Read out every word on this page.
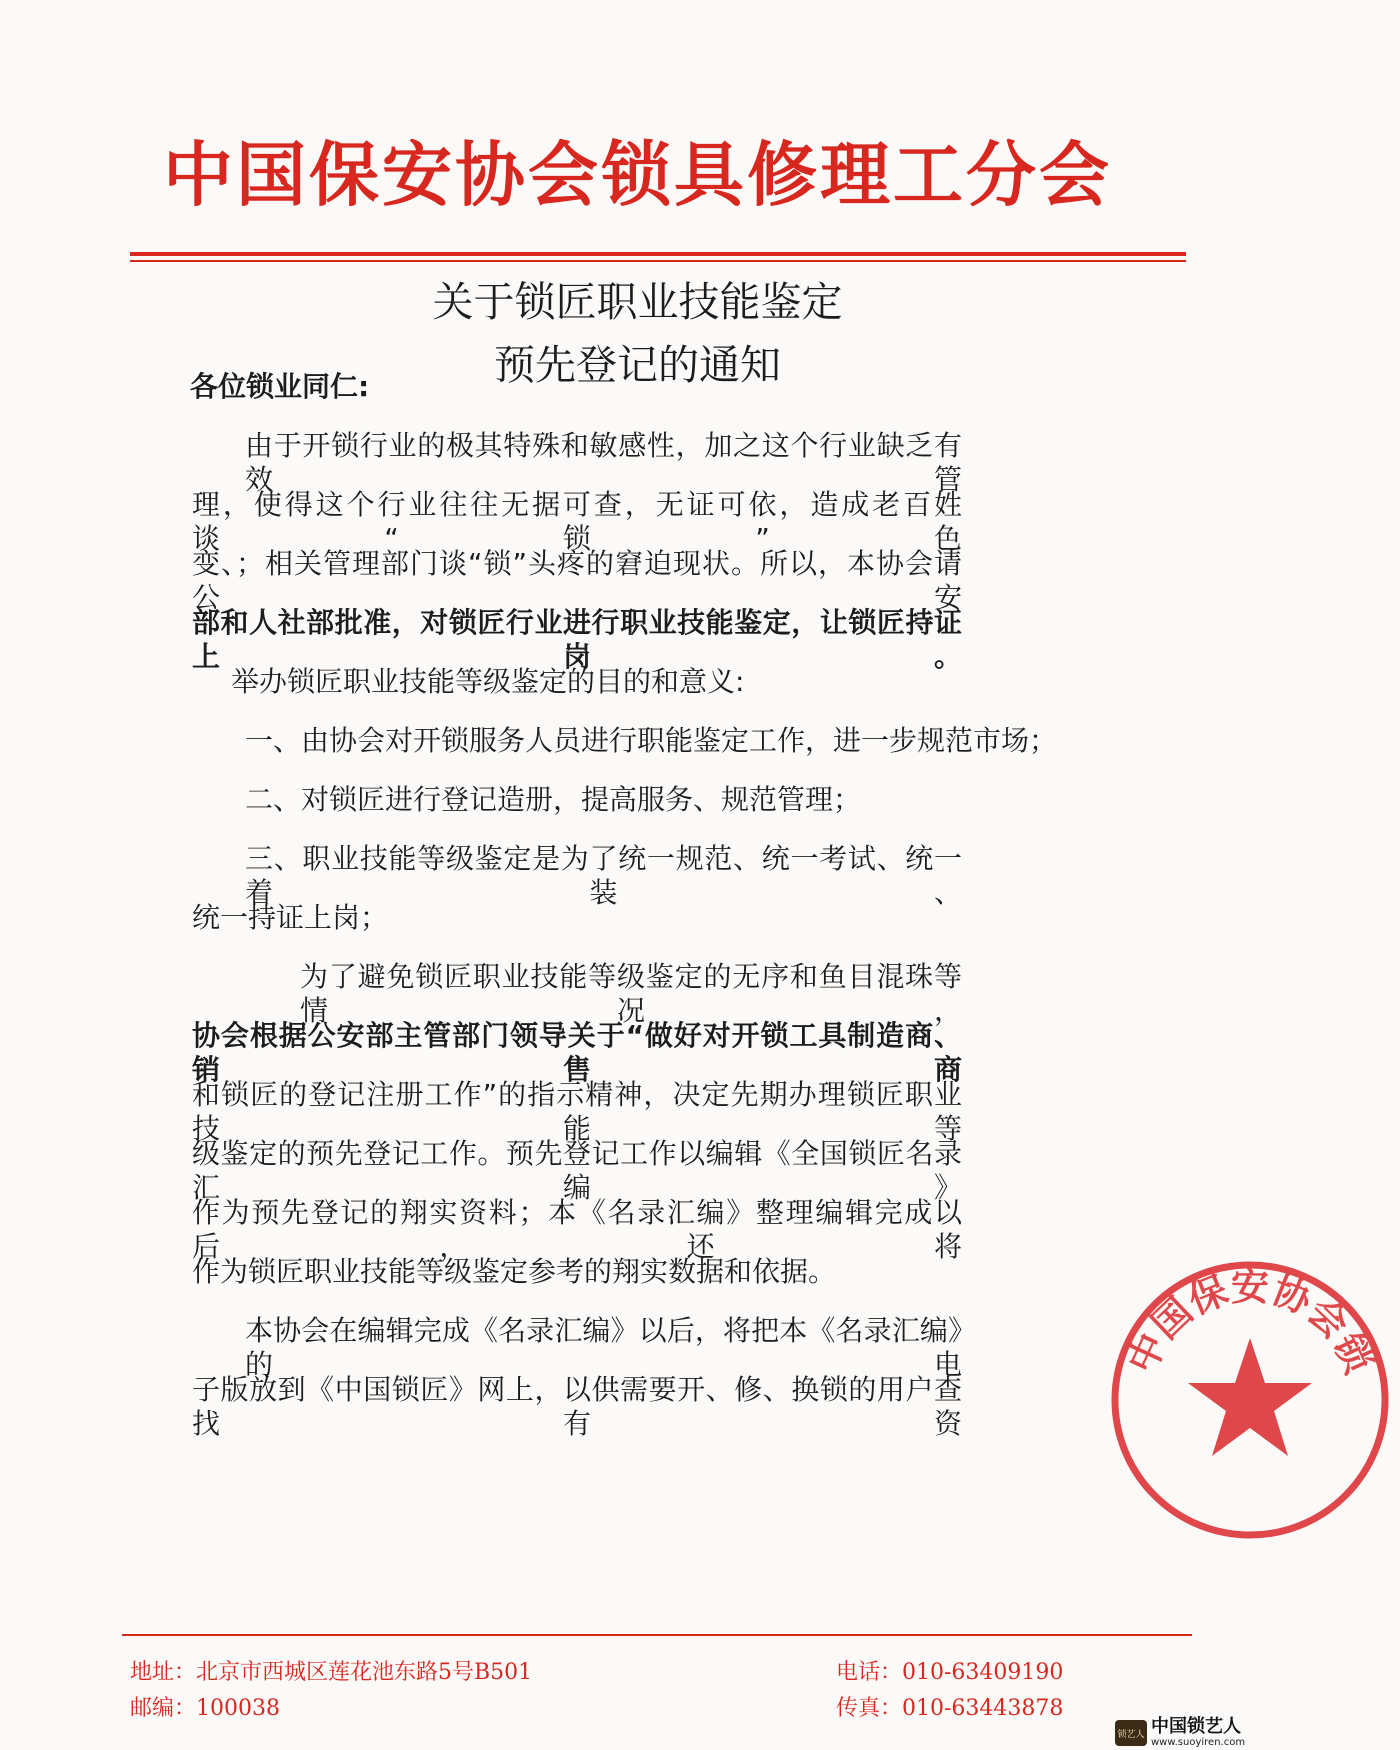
中国保安协会锁具修理工分会
关于锁匠职业技能鉴定
预先登记的通知
各位锁业同仁:
由于开锁行业的极其特殊和敏感性，加之这个行业缺乏有效管
理，使得这个行业往往无据可查，无证可依，造成老百姓谈“锁”色
变、；相关管理部门谈“锁”头疼的窘迫现状。所以，本协会请公安
部和人社部批准，对锁匠行业进行职业技能鉴定，让锁匠持证上岗。
举办锁匠职业技能等级鉴定的目的和意义:
一、由协会对开锁服务人员进行职能鉴定工作，进一步规范市场；
二、对锁匠进行登记造册，提高服务、规范管理；
三、职业技能等级鉴定是为了统一规范、统一考试、统一着装、
统一持证上岗；
为了避免锁匠职业技能等级鉴定的无序和鱼目混珠等情况，
协会根据公安部主管部门领导关于“做好对开锁工具制造商、销售商
和锁匠的登记注册工作”的指示精神，决定先期办理锁匠职业技能等
级鉴定的预先登记工作。预先登记工作以编辑《全国锁匠名录汇编》
作为预先登记的翔实资料；本《名录汇编》整理编辑完成以后，还将
作为锁匠职业技能等级鉴定参考的翔实数据和依据。
本协会在编辑完成《名录汇编》以后，将把本《名录汇编》的电
子版放到《中国锁匠》网上，以供需要开、修、换锁的用户查找有资
中国保安协会锁
地址：北京市西城区莲花池东路5号B501
邮编：100038
电话：010-63409190
传真：010-63443878
锁艺人 中国锁艺人
www.suoyiren.com
